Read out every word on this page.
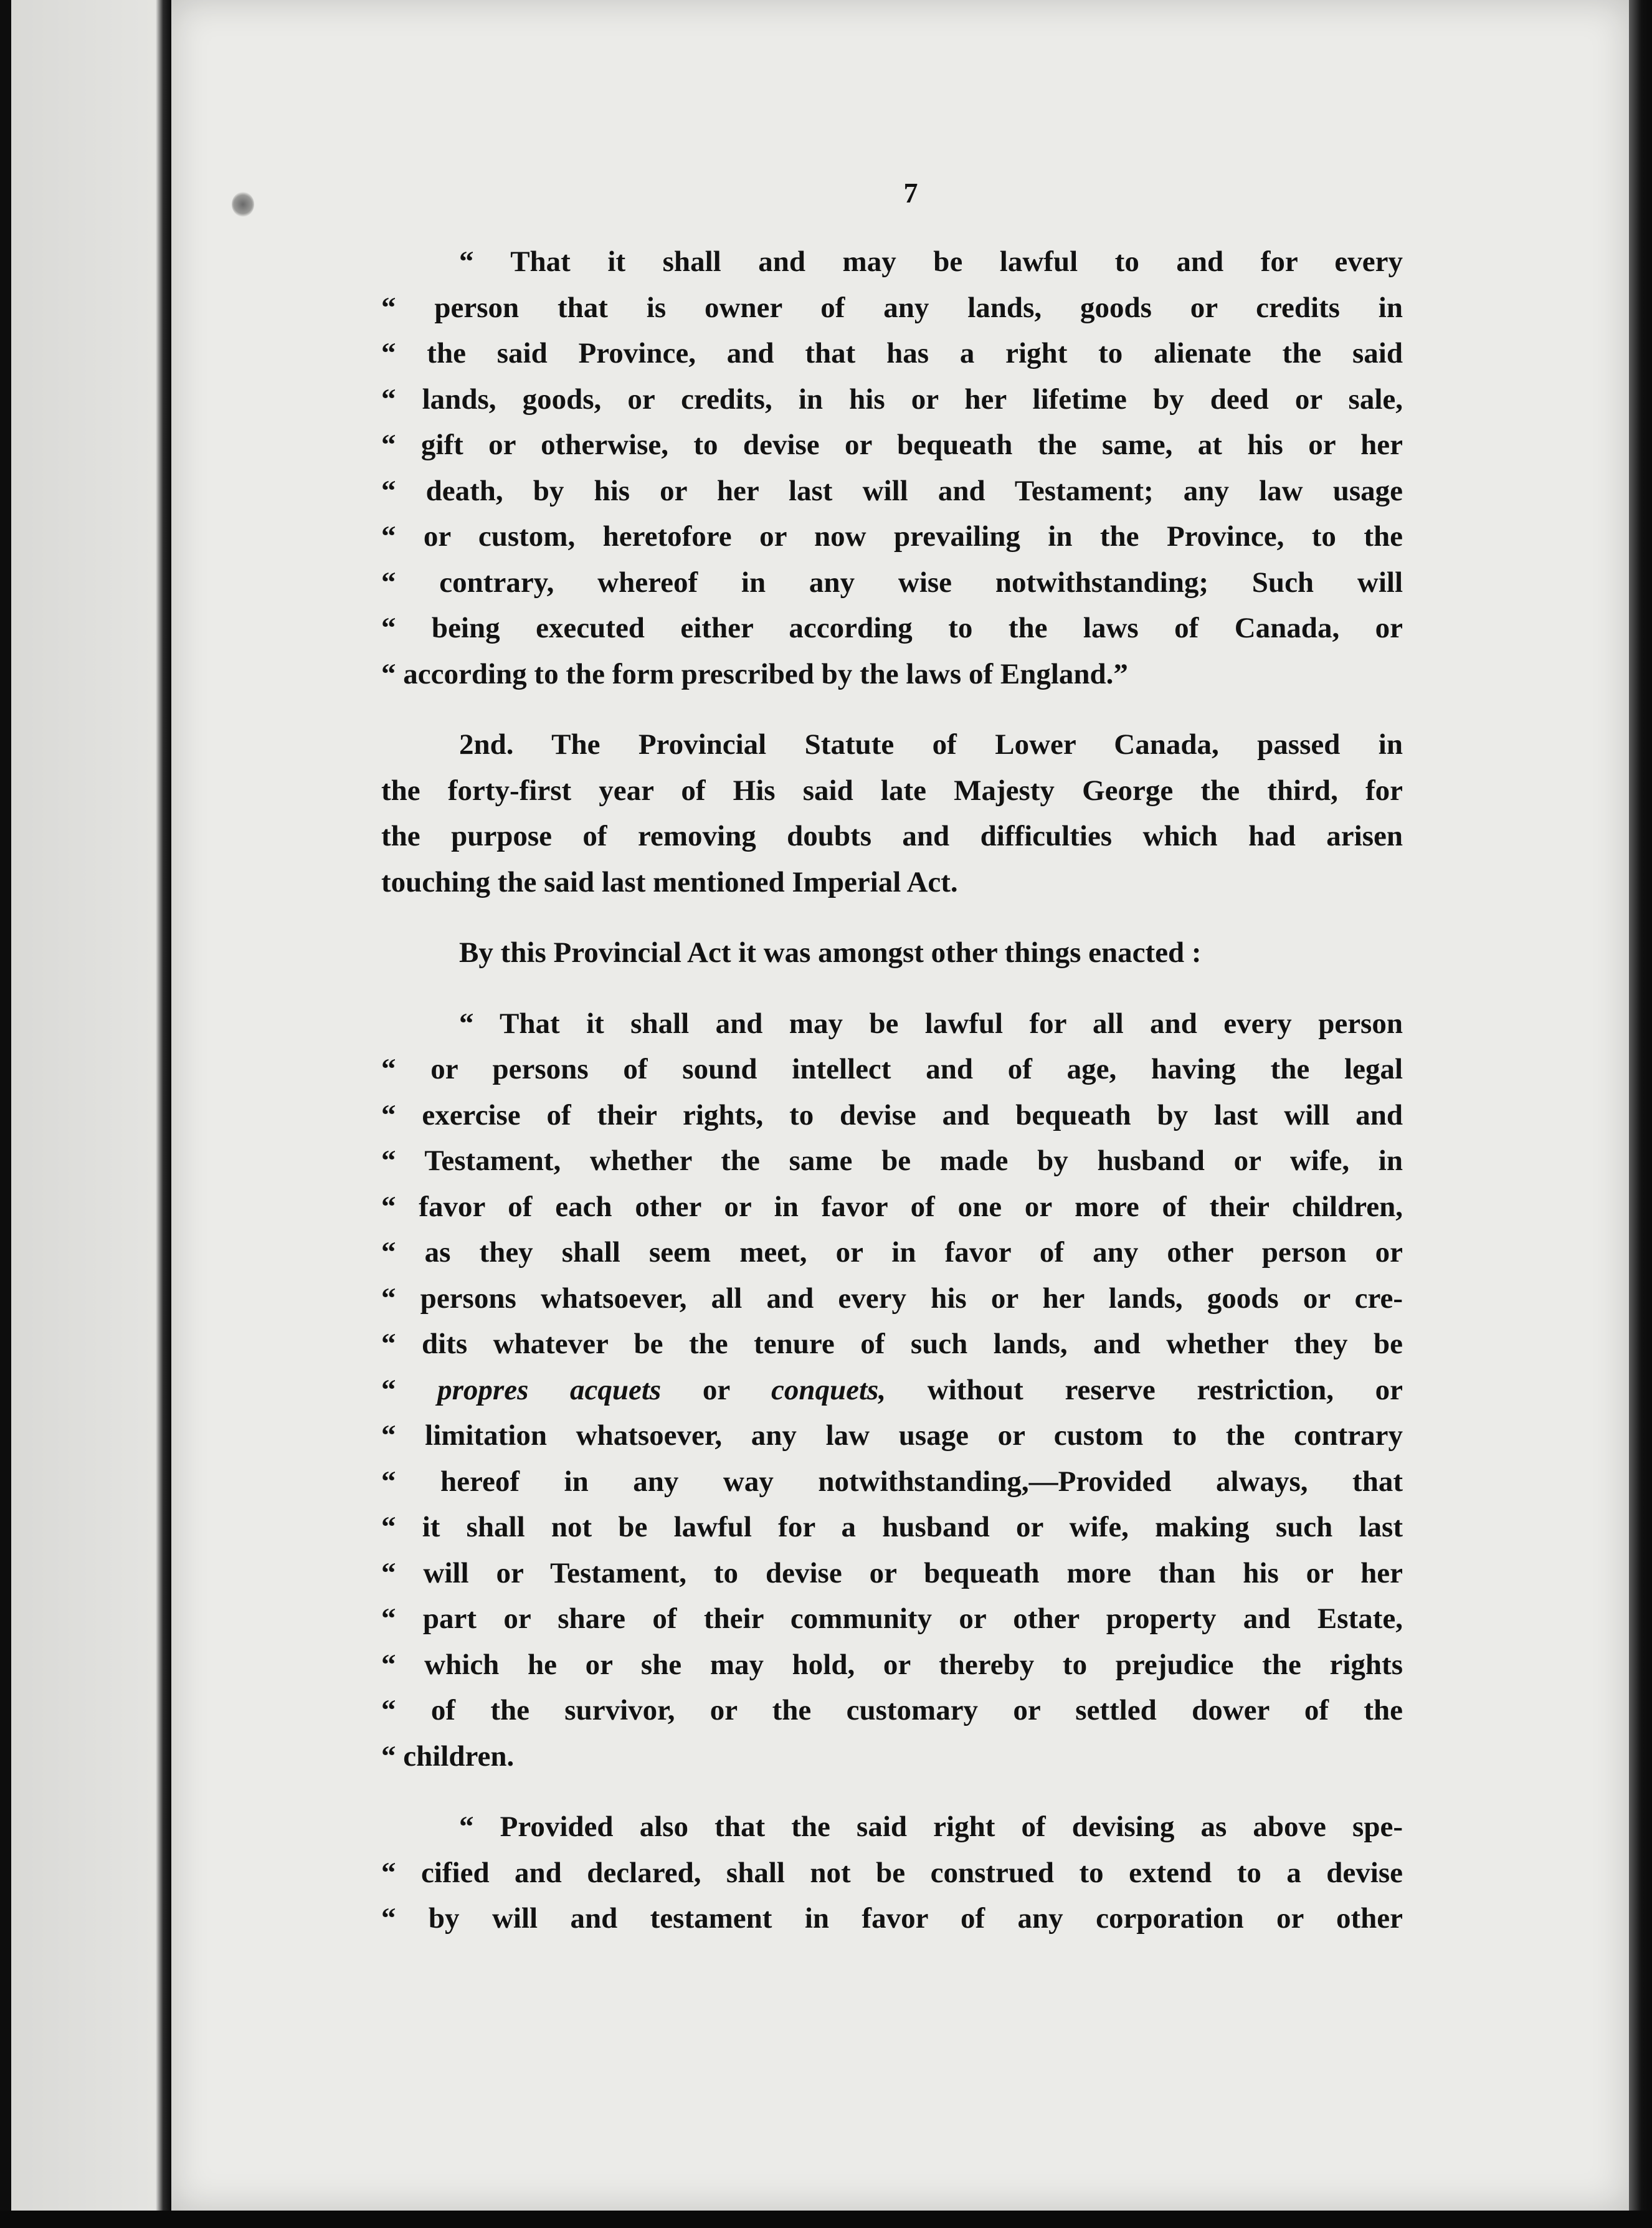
7
“ That it shall and may be lawful to and for every
“ person that is owner of any lands, goods or credits in
“ the said Province, and that has a right to alienate the said
“ lands, goods, or credits, in his or her lifetime by deed or sale,
“ gift or otherwise, to devise or bequeath the same, at his or her
“ death, by his or her last will and Testament; any law usage
“ or custom, heretofore or now prevailing in the Province, to the
“ contrary, whereof in any wise notwithstanding; Such will
“ being executed either according to the laws of Canada, or
“ according to the form prescribed by the laws of England.”
2nd. The Provincial Statute of Lower Canada, passed in
the forty-first year of His said late Majesty George the third, for
the purpose of removing doubts and difficulties which had arisen
touching the said last mentioned Imperial Act.
By this Provincial Act it was amongst other things enacted :
“ That it shall and may be lawful for all and every person
“ or persons of sound intellect and of age, having the legal
“ exercise of their rights, to devise and bequeath by last will and
“ Testament, whether the same be made by husband or wife, in
“ favor of each other or in favor of one or more of their children,
“ as they shall seem meet, or in favor of any other person or
“ persons whatsoever, all and every his or her lands, goods or cre-
“ dits whatever be the tenure of such lands, and whether they be
“ propres acquets or conquets, without reserve restriction, or
“ limitation whatsoever, any law usage or custom to the contrary
“ hereof in any way notwithstanding,—Provided always, that
“ it shall not be lawful for a husband or wife, making such last
“ will or Testament, to devise or bequeath more than his or her
“ part or share of their community or other property and Estate,
“ which he or she may hold, or thereby to prejudice the rights
“ of the survivor, or the customary or settled dower of the
“ children.
“ Provided also that the said right of devising as above spe-
“ cified and declared, shall not be construed to extend to a devise
“ by will and testament in favor of any corporation or other
